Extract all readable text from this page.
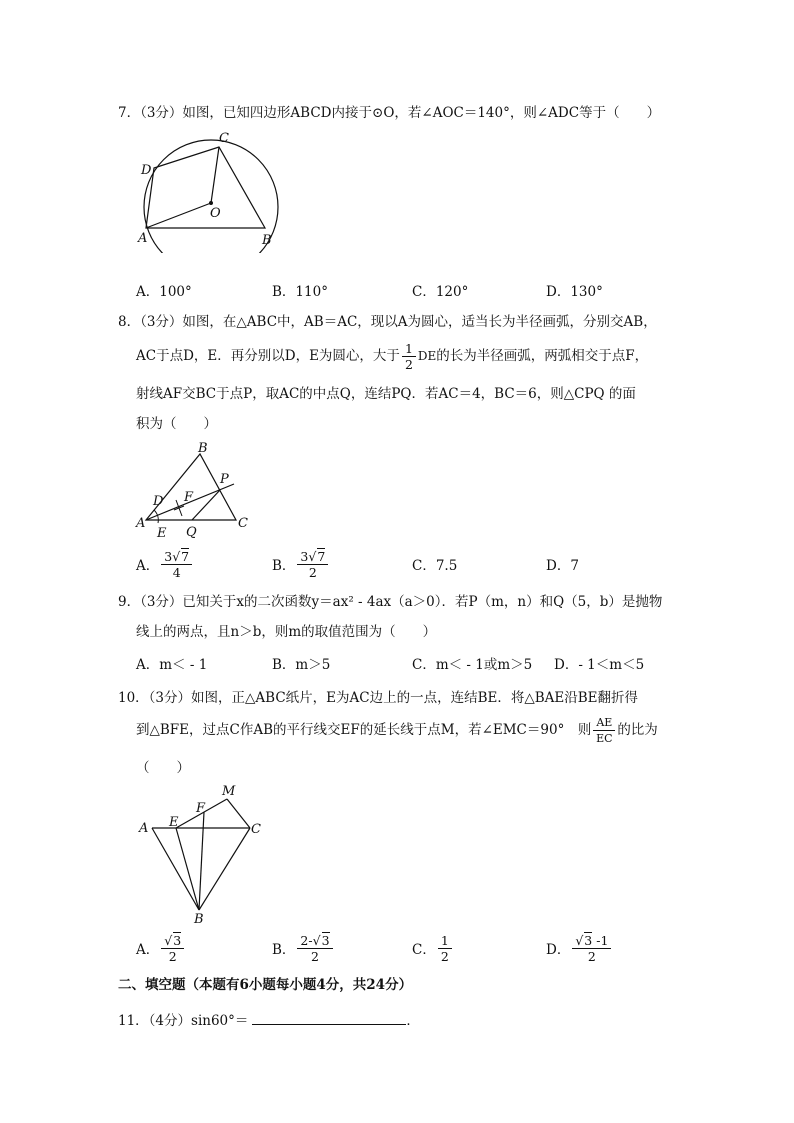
7．（3分）如图，已知四边形ABCD内接于⊙O，若∠AOC＝140°，则∠ADC等于（　　）
C
D
O
A	B
A．100°	B．110°	C．120°	D．130°
8．（3分）如图，在△ABC中，AB＝AC，现以A为圆心，适当长为半径画弧，分别交AB，
AC于点D，E．再分别以D，E为圆心，大于 $\frac{1}{2}$ DE 的长为半径画弧，两弧相交于点F，
射线AF交BC于点P，取AC的中点Q，连结PQ．若AC＝4，BC＝6，则△CPQ 的面
积为（　　）
B
P
D F
A	C
E Q
A． $\frac{3√7}{4}$	B． $\frac{3√7}{2}$	C．7.5	D．7
9．（3分）已知关于x的二次函数y＝ax² - 4ax（a＞0）．若P（m，n）和Q（5，b）是抛物
线上的两点，且n＞b，则m的取值范围为（　　）
A．m＜ - 1	B．m＞5	C．m＜ - 1或m＞5 D．- 1＜m＜5
10．（3分）如图，正△ABC纸片，E为AC边上的一点，连结BE．将△BAE沿BE翻折得
到△BFE，过点C作AB的平行线交EF的延长线于点M，若∠EMC＝90°　则 $\frac{AE}{EC}$ 的比为
（　　）
M
F
A E	C
B
A． $\frac{√3}{2}$	B． $\frac{2-√3}{2}$	C． $\frac{1}{2}$	D． $\frac{√3 -1}{2}$
二、填空题（本题有6小题每小题4分，共24分）
11．（4分）sin60°＝	．
